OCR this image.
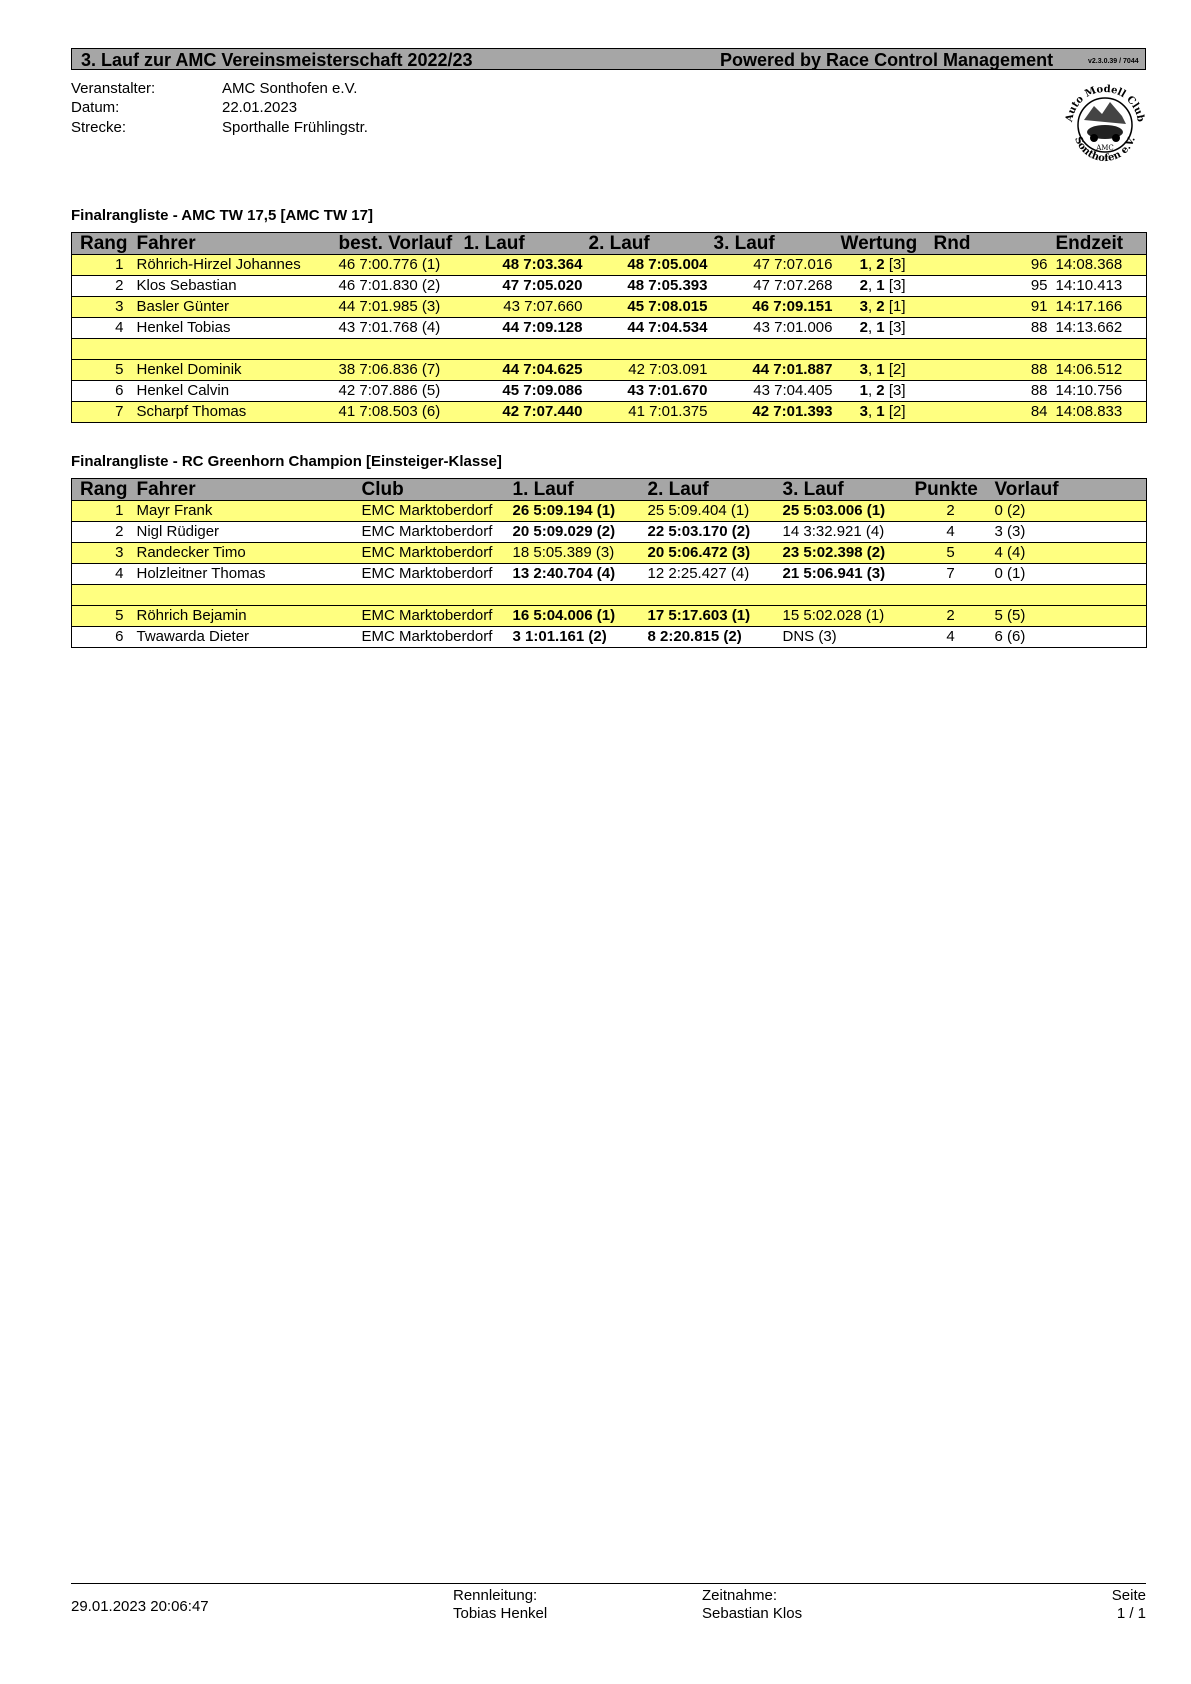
3. Lauf zur AMC Vereinsmeisterschaft 2022/23	Powered by Race Control Management	v2.3.0.39 / 7044
Veranstalter:	AMC Sonthofen e.V.
Datum:	22.01.2023
Strecke:	Sporthalle Frühlingstr.
Auto Modell Club
AMC
Sonthofen e.V.
Finalrangliste - AMC TW 17,5 [AMC TW 17]
Rang	Fahrer	best. Vorlauf	1. Lauf	2. Lauf	3. Lauf	Wertung	Rnd	Endzeit
1	Röhrich-Hirzel Johannes	46 7:00.776 (1)	48 7:03.364	48 7:05.004	47 7:07.016	1, 2 [3]	96	14:08.368
2	Klos Sebastian	46 7:01.830 (2)	47 7:05.020	48 7:05.393	47 7:07.268	2, 1 [3]	95	14:10.413
3	Basler Günter	44 7:01.985 (3)	43 7:07.660	45 7:08.015	46 7:09.151	3, 2 [1]	91	14:17.166
4	Henkel Tobias	43 7:01.768 (4)	44 7:09.128	44 7:04.534	43 7:01.006	2, 1 [3]	88	14:13.662

5	Henkel Dominik	38 7:06.836 (7)	44 7:04.625	42 7:03.091	44 7:01.887	3, 1 [2]	88	14:06.512
6	Henkel Calvin	42 7:07.886 (5)	45 7:09.086	43 7:01.670	43 7:04.405	1, 2 [3]	88	14:10.756
7	Scharpf Thomas	41 7:08.503 (6)	42 7:07.440	41 7:01.375	42 7:01.393	3, 1 [2]	84	14:08.833
Finalrangliste - RC Greenhorn Champion [Einsteiger-Klasse]
Rang	Fahrer	Club	1. Lauf	2. Lauf	3. Lauf	Punkte	Vorlauf
1	Mayr Frank	EMC Marktoberdorf	26 5:09.194 (1)	25 5:09.404 (1)	25 5:03.006 (1)	2	0 (2)
2	Nigl Rüdiger	EMC Marktoberdorf	20 5:09.029 (2)	22 5:03.170 (2)	14 3:32.921 (4)	4	3 (3)
3	Randecker Timo	EMC Marktoberdorf	18 5:05.389 (3)	20 5:06.472 (3)	23 5:02.398 (2)	5	4 (4)
4	Holzleitner Thomas	EMC Marktoberdorf	13 2:40.704 (4)	12 2:25.427 (4)	21 5:06.941 (3)	7	0 (1)

5	Röhrich Bejamin	EMC Marktoberdorf	16 5:04.006 (1)	17 5:17.603 (1)	15 5:02.028 (1)	2	5 (5)
6	Twawarda Dieter	EMC Marktoberdorf	3 1:01.161 (2)	8 2:20.815 (2)	DNS (3)	4	6 (6)
29.01.2023 20:06:47
Rennleitung:
Tobias Henkel
Zeitnahme:
Sebastian Klos
Seite
1 / 1
